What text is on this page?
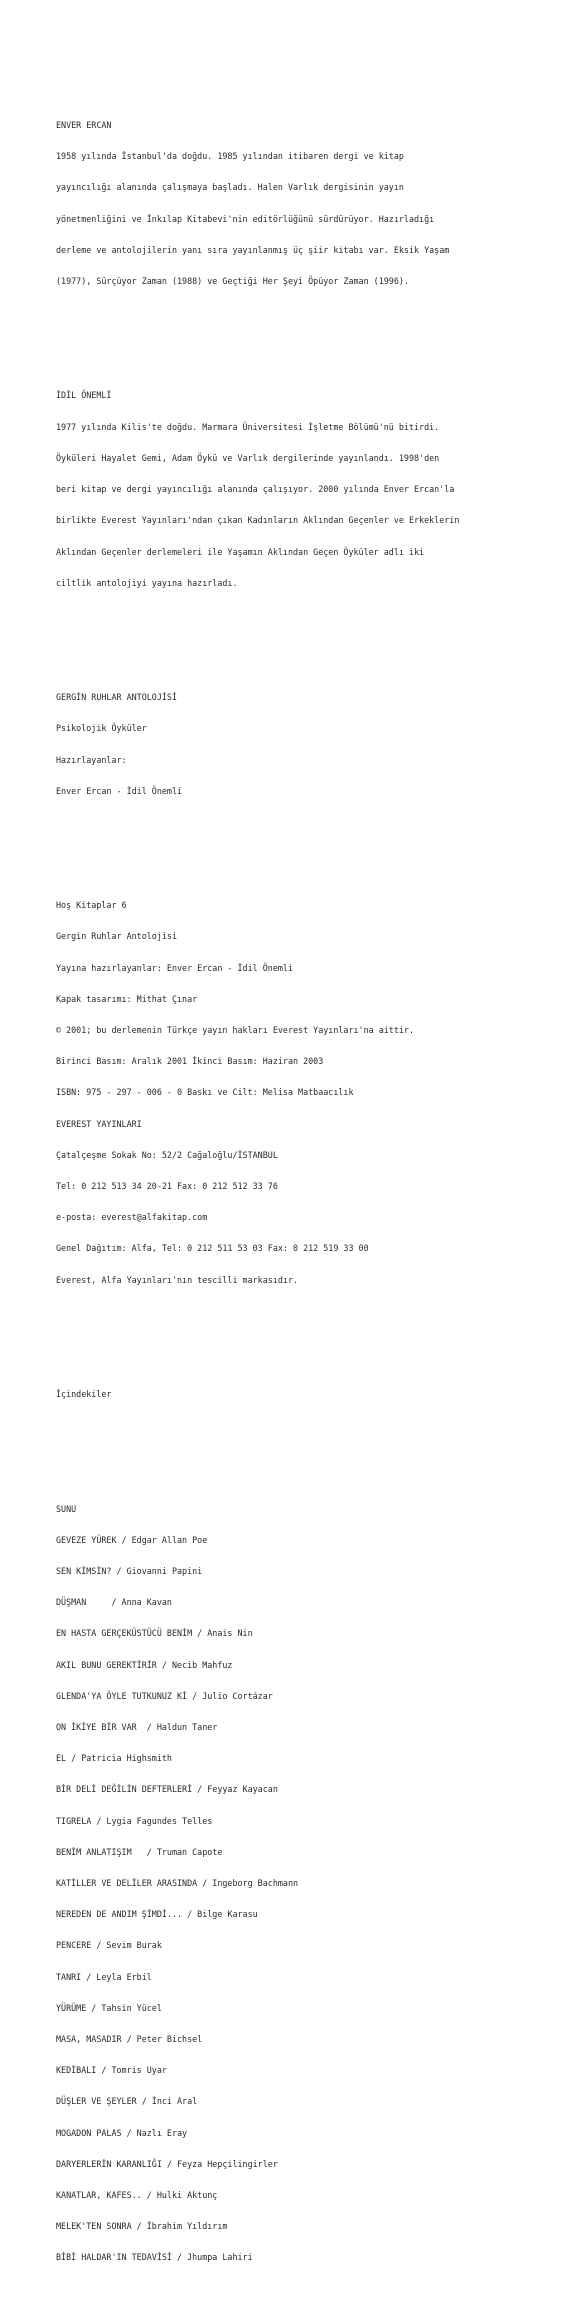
ENVER ERCAN

1958 yılında İstanbul'da doğdu. 1985 yılından itibaren dergi ve kitap

yayıncılığı alanında çalışmaya başladı. Halen Varlık dergisinin yayın

yönetmenliğini ve İnkılap Kitabevi'nin editörlüğünü sürdürüyor. Hazırladığı

derleme ve antolojilerin yanı sıra yayınlanmış üç şiir kitabı var. Eksik Yaşam

(1977), Sürçüyor Zaman (1988) ve Geçtiği Her Şeyi Öpüyor Zaman (1996).

İDİL ÖNEMLİ

1977 yılında Kilis'te doğdu. Marmara Üniversitesi İşletme Bölümü'nü bitirdi.

Öyküleri Hayalet Gemi, Adam Öykü ve Varlık dergilerinde yayınlandı. 1998'den

beri kitap ve dergi yayıncılığı alanında çalışıyor. 2000 yılında Enver Ercan'la

birlikte Everest Yayınları'ndan çıkan Kadınların Aklından Geçenler ve Erkeklerin

Aklından Geçenler derlemeleri ile Yaşamın Aklından Geçen Öyküler adlı iki

ciltlik antolojiyi yayına hazırladı.

GERGİN RUHLAR ANTOLOJİSİ

Psikolojik Öyküler

Hazırlayanlar:

Enver Ercan - İdil Önemli

Hoş Kitaplar 6

Gergin Ruhlar Antolojisi

Yayına hazırlayanlar: Enver Ercan - İdil Önemli

Kapak tasarımı: Mithat Çınar

© 2001; bu derlemenin Türkçe yayın hakları Everest Yayınları'na aittir.

Birinci Basım: Aralık 2001 İkinci Basım: Haziran 2003

ISBN: 975 - 297 - 006 - 0 Baskı ve Cilt: Melisa Matbaacılık

EVEREST YAYINLARI

Çatalçeşme Sokak No: 52/2 Cağaloğlu/İSTANBUL

Tel: 0 212 513 34 20-21 Fax: 0 212 512 33 76

e-posta: everest@alfakitap.com

Genel Dağıtım: Alfa, Tel: 0 212 511 53 03 Fax: 0 212 519 33 00

Everest, Alfa Yayınları'nın tescilli markasıdır.

İçindekiler

SUNU

GEVEZE YÜREK / Edgar Allan Poe

SEN KİMSİN? / Giovanni Papini

DÜŞMAN     / Anna Kavan

EN HASTA GERÇEKÜSTÜCÜ BENİM / Anais Nin

AKIL BUNU GEREKTİRİR / Necib Mahfuz

GLENDA'YA ÖYLE TUTKUNUZ Kİ / Julio Cortázar

ON İKİYE BİR VAR  / Haldun Taner

EL / Patricia Highsmith

BİR DELİ DEĞİLİN DEFTERLERİ / Feyyaz Kayacan

TIGRELA / Lygia Fagundes Telles

BENİM ANLATIŞIM   / Truman Capote

KATİLLER VE DELİLER ARASINDA / Ingeborg Bachmann

NEREDEN DE ANDIM ŞİMDİ... / Bilge Karasu

PENCERE / Sevim Burak

TANRI / Leyla Erbil

YÜRÜME / Tahsin Yücel

MASA, MASADIR / Peter Bichsel

KEDİBALI / Tomris Uyar

DÜŞLER VE ŞEYLER / İnci Aral

MOGADON PALAS / Nazlı Eray

DARYERLERİN KARANLIĞI / Feyza Hepçilingirler

KANATLAR, KAFES.. / Hulki Aktunç

MELEK'TEN SONRA / İbrahim Yıldırım

BİBİ HALDAR'IN TEDAVİSİ / Jhumpa Lahiri
